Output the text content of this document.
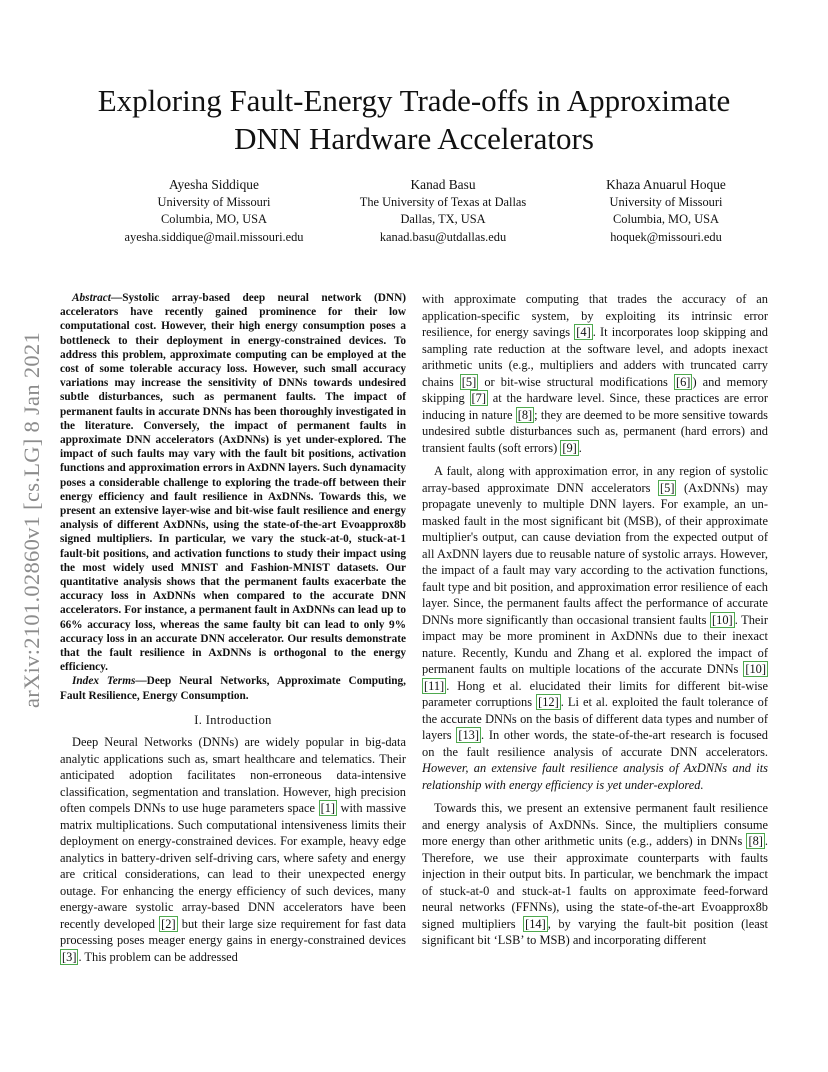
Exploring Fault-Energy Trade-offs in Approximate
DNN Hardware Accelerators
Ayesha Siddique
University of Missouri
Columbia, MO, USA
ayesha.siddique@mail.missouri.edu
Kanad Basu
The University of Texas at Dallas
Dallas, TX, USA
kanad.basu@utdallas.edu
Khaza Anuarul Hoque
University of Missouri
Columbia, MO, USA
hoquek@missouri.edu
arXiv:2101.02860v1 [cs.LG] 8 Jan 2021

Abstract—Systolic array-based deep neural network (DNN) accelerators have recently gained prominence for their low computational cost. However, their high energy consumption poses a bottleneck to their deployment in energy-constrained devices. To address this problem, approximate computing can be employed at the cost of some tolerable accuracy loss. However, such small accuracy variations may increase the sensitivity of DNNs towards undesired subtle disturbances, such as permanent faults. The impact of permanent faults in accurate DNNs has been thoroughly investigated in the literature. Conversely, the impact of permanent faults in approximate DNN accelerators (AxDNNs) is yet under-explored. The impact of such faults may vary with the fault bit positions, activation functions and approximation errors in AxDNN layers. Such dynamacity poses a considerable challenge to exploring the trade-off between their energy efficiency and fault resilience in AxDNNs. Towards this, we present an extensive layer-wise and bit-wise fault resilience and energy analysis of different AxDNNs, using the state-of-the-art Evoapprox8b signed multipliers. In particular, we vary the stuck-at-0, stuck-at-1 fault-bit positions, and activation functions to study their impact using the most widely used MNIST and Fashion-MNIST datasets. Our quantitative analysis shows that the permanent faults exacerbate the accuracy loss in AxDNNs when compared to the accurate DNN accelerators. For instance, a permanent fault in AxDNNs can lead up to 66% accuracy loss, whereas the same faulty bit can lead to only 9% accuracy loss in an accurate DNN accelerator. Our results demonstrate that the fault resilience in AxDNNs is orthogonal to the energy efficiency.

Index Terms—Deep Neural Networks, Approximate Computing, Fault Resilience, Energy Consumption.

I. Introduction

Deep Neural Networks (DNNs) are widely popular in big-data analytic applications such as, smart healthcare and telematics. Their anticipated adoption facilitates non-erroneous data-intensive classification, segmentation and translation. However, high precision often compels DNNs to use huge parameters space [1] with massive matrix multiplications. Such computational intensiveness limits their deployment on energy-constrained devices. For example, heavy edge analytics in battery-driven self-driving cars, where safety and energy are critical considerations, can lead to their unexpected energy outage. For enhancing the energy efficiency of such devices, many energy-aware systolic array-based DNN accelerators have been recently developed [2] but their large size requirement for fast data processing poses meager energy gains in energy-constrained devices [3] . This problem can be addressed

with approximate computing that trades the accuracy of an application-specific system, by exploiting its intrinsic error resilience, for energy savings [4] . It incorporates loop skipping and sampling rate reduction at the software level, and adopts inexact arithmetic units (e.g., multipliers and adders with truncated carry chains [5] or bit-wise structural modifications [6] ) and memory skipping [7] at the hardware level. Since, these practices are error inducing in nature [8] ; they are deemed to be more sensitive towards undesired subtle disturbances such as, permanent (hard errors) and transient faults (soft errors) [9] .

A fault, along with approximation error, in any region of systolic array-based approximate DNN accelerators [5] (AxDNNs) may propagate unevenly to multiple DNN layers. For example, an un-masked fault in the most significant bit (MSB), of their approximate multiplier's output, can cause deviation from the expected output of all AxDNN layers due to reusable nature of systolic arrays. However, the impact of a fault may vary according to the activation functions, fault type and bit position, and approximation error resilience of each layer. Since, the permanent faults affect the performance of accurate DNNs more significantly than occasional transient faults [10] . Their impact may be more prominent in AxDNNs due to their inexact nature. Recently, Kundu and Zhang et al. explored the impact of permanent faults on multiple locations of the accurate DNNs [10] [11] . Hong et al. elucidated their limits for different bit-wise parameter corruptions [12] . Li et al. exploited the fault tolerance of the accurate DNNs on the basis of different data types and number of layers [13] . In other words, the state-of-the-art research is focused on the fault resilience analysis of accurate DNN accelerators. However, an extensive fault resilience analysis of AxDNNs and its relationship with energy efficiency is yet under-explored.

Towards this, we present an extensive permanent fault resilience and energy analysis of AxDNNs. Since, the multipliers consume more energy than other arithmetic units (e.g., adders) in DNNs [8] . Therefore, we use their approximate counterparts with faults injection in their output bits. In particular, we benchmark the impact of stuck-at-0 and stuck-at-1 faults on approximate feed-forward neural networks (FFNNs), using the state-of-the-art Evoapprox8b signed multipliers [14] , by varying the fault-bit position (least significant bit ‘LSB’ to MSB) and incorporating different
